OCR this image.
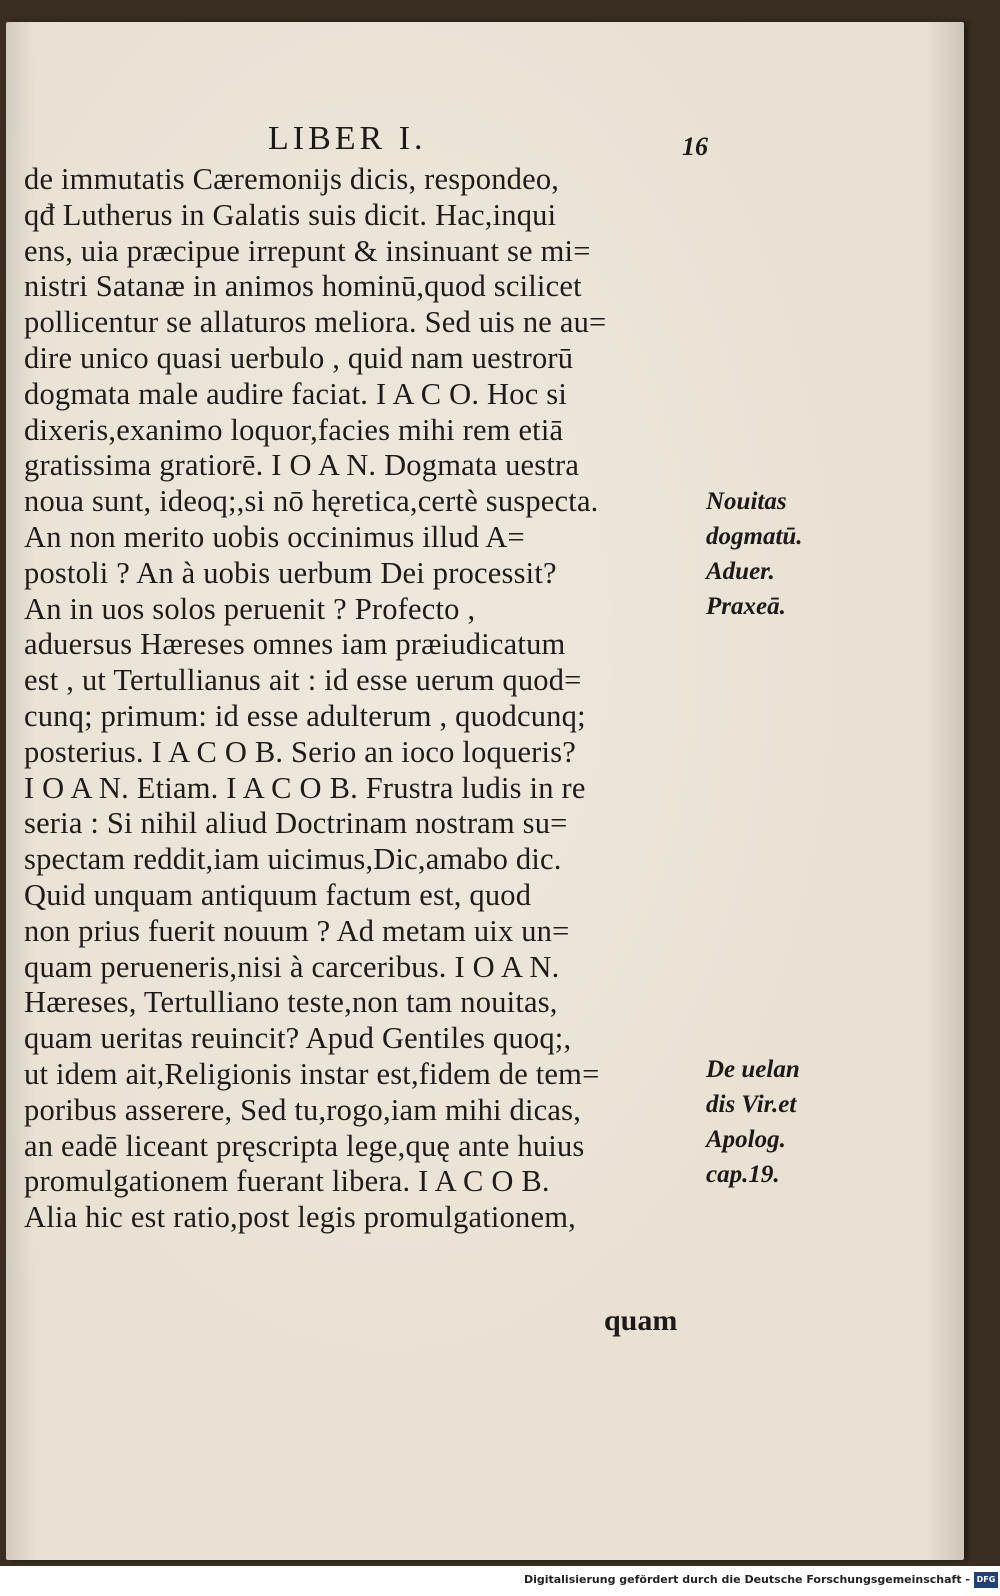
LIBER I.	16
de immutatis Cæremonijs dicis, respondeo,
qđ Lutherus in Galatis suis dicit. Hac,inqui
ens, uia præcipue irrepunt & insinuant se mi=
nistri Satanæ in animos hominū,quod scilicet
pollicentur se allaturos meliora. Sed uis ne au=
dire unico quasi uerbulo , quid nam uestrorū
dogmata male audire faciat. I A C O. Hoc si
dixeris,exanimo loquor,facies mihi rem etiā
gratissima gratiorē. I O A N. Dogmata uestra
noua sunt, ideoq;,si nō hęretica,certè suspecta.
An non merito uobis occinimus illud A=
postoli ? An à uobis uerbum Dei processit?
An in uos solos peruenit ? Profecto ,
aduersus Hæreses omnes iam præiudicatum
est , ut Tertullianus ait : id esse uerum quod=
cunq; primum: id esse adulterum , quodcunq;
posterius. I A C O B. Serio an ioco loqueris?
I O A N. Etiam. I A C O B. Frustra ludis in re
seria : Si nihil aliud Doctrinam nostram su=
spectam reddit,iam uicimus,Dic,amabo dic.
Quid unquam antiquum factum est, quod
non prius fuerit nouum ? Ad metam uix un=
quam perueneris,nisi à carceribus. I O A N.
Hæreses, Tertulliano teste,non tam nouitas,
quam ueritas reuincit? Apud Gentiles quoq;,
ut idem ait,Religionis instar est,fidem de tem=
poribus asserere, Sed tu,rogo,iam mihi dicas,
an eadē liceant pręscripta lege,quę ante huius
promulgationem fuerant libera. I A C O B.
Alia hic est ratio,post legis promulgationem,
quam
Nouitas
dogmatū.
Aduer.
Praxeā.
De uelan
dis Vir.et
Apolog.
cap.19.
Digitalisierung gefördert durch die Deutsche Forschungsgemeinschaft - DFG
